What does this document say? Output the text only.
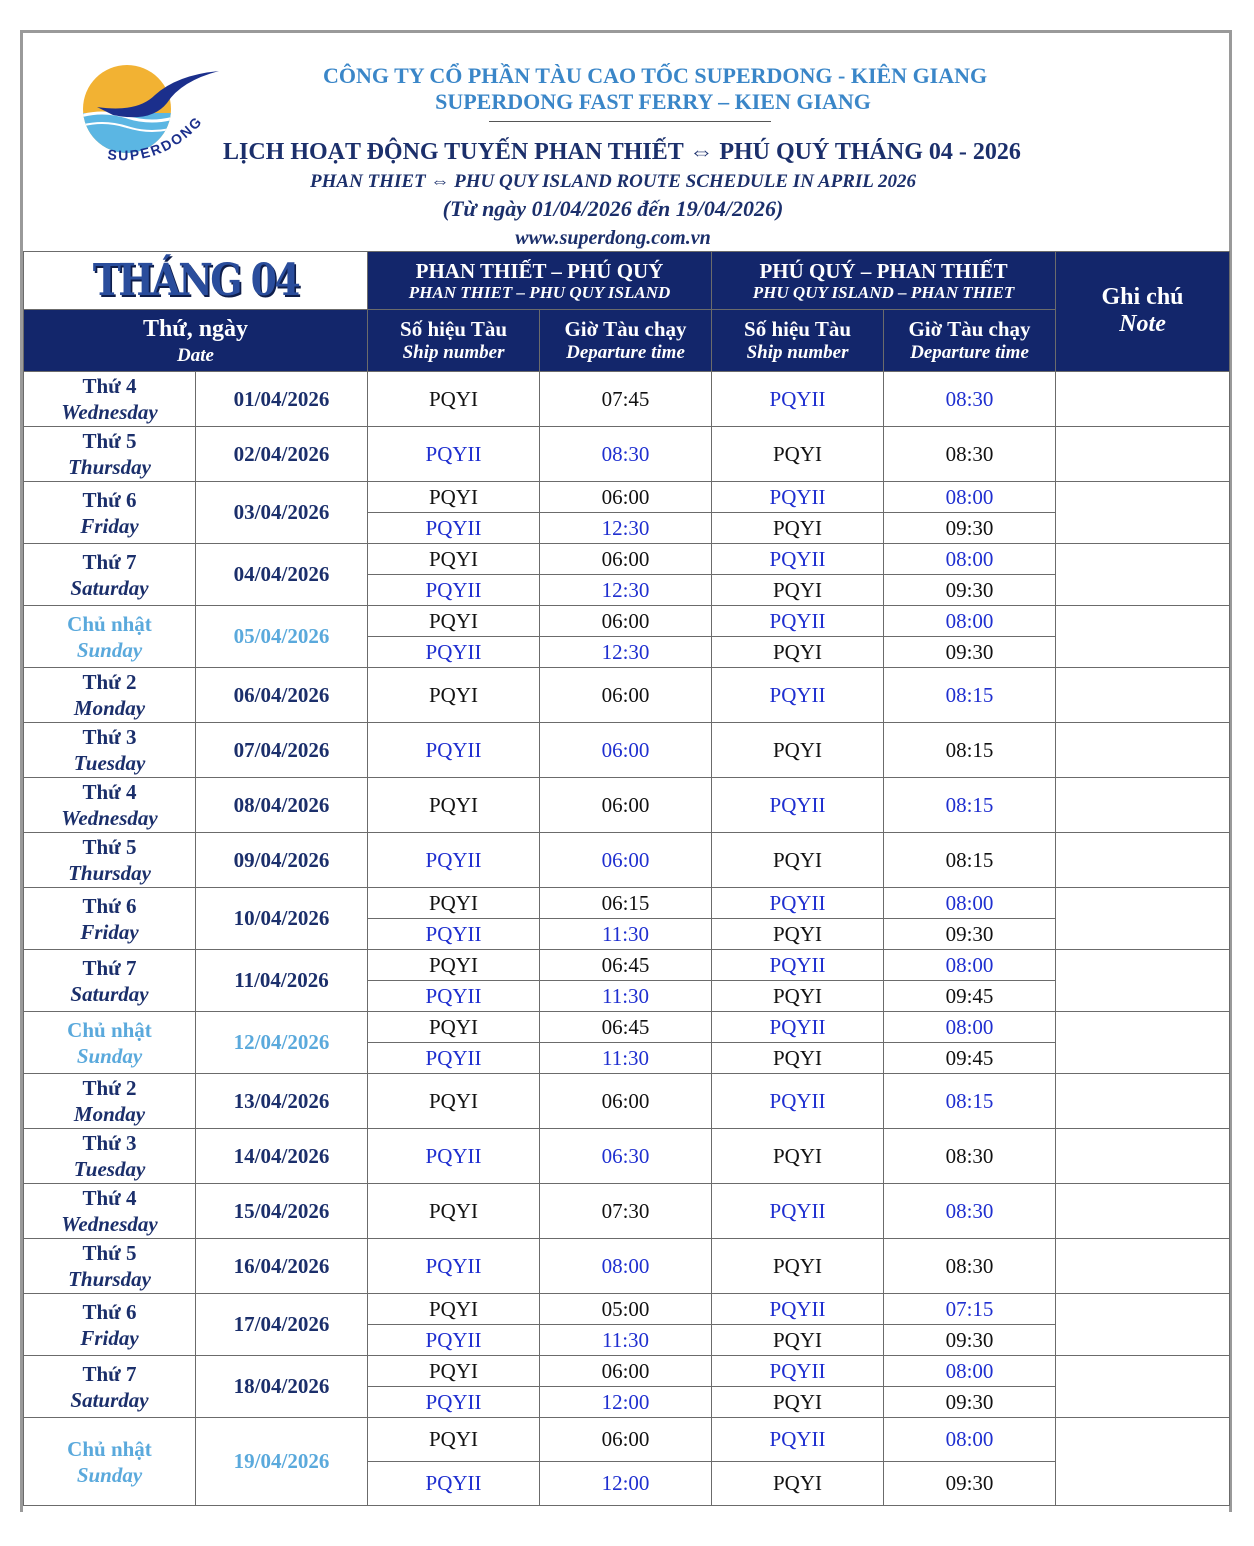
SUPERDONG
CÔNG TY CỔ PHẦN TÀU CAO TỐC SUPERDONG - KIÊN GIANG
SUPERDONG FAST FERRY – KIEN GIANG
LỊCH HOẠT ĐỘNG TUYẾN PHAN THIẾT ⇔ PHÚ QUÝ THÁNG 04 - 2026
PHAN THIET ⇔ PHU QUY ISLAND ROUTE SCHEDULE IN APRIL 2026
(Từ ngày 01/04/2026 đến 19/04/2026)
www.superdong.com.vn
THÁNG 04		PHAN THIẾT – PHÚ QUÝ
PHAN THIET – PHU QUY ISLAND		PHÚ QUÝ – PHAN THIẾT
PHU QUY ISLAND – PHAN THIET		Ghi chú
Note

Thứ, ngày
Date		Số hiệu Tàu
Ship number	Giờ Tàu chạy
Departure time	Số hiệu Tàu
Ship number	Giờ Tàu chạy
Departure time	

Thứ 4
Wednesday	01/04/2026	PQYI	07:45	PQYII	08:30	

Thứ 5
Thursday	02/04/2026	PQYII	08:30	PQYI	08:30	

Thứ 6
Friday	03/04/2026	PQYI	06:00	PQYII	08:00	
		PQYII	12:30	PQYI	09:30	

Thứ 7
Saturday	04/04/2026	PQYI	06:00	PQYII	08:00	
		PQYII	12:30	PQYI	09:30	

Chủ nhật
Sunday	05/04/2026	PQYI	06:00	PQYII	08:00	
		PQYII	12:30	PQYI	09:30	

Thứ 2
Monday	06/04/2026	PQYI	06:00	PQYII	08:15	

Thứ 3
Tuesday	07/04/2026	PQYII	06:00	PQYI	08:15	

Thứ 4
Wednesday	08/04/2026	PQYI	06:00	PQYII	08:15	

Thứ 5
Thursday	09/04/2026	PQYII	06:00	PQYI	08:15	

Thứ 6
Friday	10/04/2026	PQYI	06:15	PQYII	08:00	
		PQYII	11:30	PQYI	09:30	

Thứ 7
Saturday	11/04/2026	PQYI	06:45	PQYII	08:00	
		PQYII	11:30	PQYI	09:45	

Chủ nhật
Sunday	12/04/2026	PQYI	06:45	PQYII	08:00	
		PQYII	11:30	PQYI	09:45	

Thứ 2
Monday	13/04/2026	PQYI	06:00	PQYII	08:15	

Thứ 3
Tuesday	14/04/2026	PQYII	06:30	PQYI	08:30	

Thứ 4
Wednesday	15/04/2026	PQYI	07:30	PQYII	08:30	

Thứ 5
Thursday	16/04/2026	PQYII	08:00	PQYI	08:30	

Thứ 6
Friday	17/04/2026	PQYI	05:00	PQYII	07:15	
		PQYII	11:30	PQYI	09:30	

Thứ 7
Saturday	18/04/2026	PQYI	06:00	PQYII	08:00	
		PQYII	12:00	PQYI	09:30	

Chủ nhật
Sunday	19/04/2026	PQYI	06:00	PQYII	08:00	
		PQYII	12:00	PQYI	09:30	
